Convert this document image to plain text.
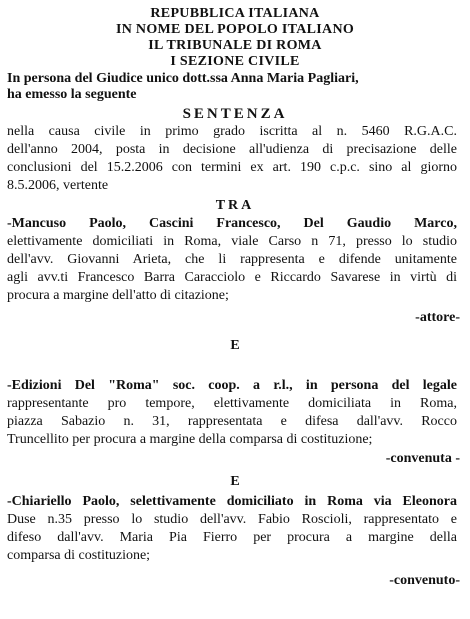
REPUBBLICA ITALIANA
IN NOME DEL POPOLO ITALIANO
IL TRIBUNALE DI ROMA
I SEZIONE CIVILE
In persona del Giudice unico dott.ssa Anna Maria Pagliari,
ha emesso la seguente
SENTENZA
nella causa civile in primo grado iscritta al n. 5460 R.G.A.C.
dell'anno 2004, posta in decisione all'udienza di precisazione delle
conclusioni del 15.2.2006 con termini ex art. 190 c.p.c. sino al giorno
8.5.2006, vertente
TRA
-Mancuso Paolo, Cascini Francesco, Del Gaudio Marco,
elettivamente domiciliati in Roma, viale Carso n 71, presso lo studio
dell'avv. Giovanni Arieta, che li rappresenta e difende unitamente
agli avv.ti Francesco Barra Caracciolo e Riccardo Savarese in virtù di
procura a margine dell'atto di citazione;
-attore-
E
-Edizioni Del "Roma" soc. coop. a r.l., in persona del legale
rappresentante pro tempore, elettivamente domiciliata in Roma,
piazza Sabazio n. 31, rappresentata e difesa dall'avv. Rocco
Truncellito per procura a margine della comparsa di costituzione;
-convenuta -
E
-Chiariello Paolo, selettivamente domiciliato in Roma via Eleonora
Duse n.35 presso lo studio dell'avv. Fabio Roscioli, rappresentato e
difeso dall'avv. Maria Pia Fierro per procura a margine della
comparsa di costituzione;
-convenuto-
